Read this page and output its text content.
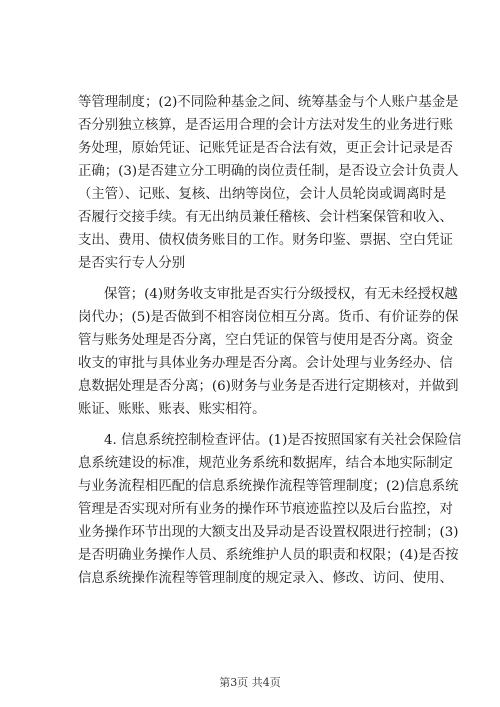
等管理制度；(2)不同险种基金之间、统筹基金与个人账户基金是
否分别独立核算，是否运用合理的会计方法对发生的业务进行账
务处理，原始凭证、记账凭证是否合法有效，更正会计记录是否
正确；(3)是否建立分工明确的岗位责任制，是否设立会计负责人
（主管）、记账、复核、出纳等岗位，会计人员轮岗或调离时是
否履行交接手续。有无出纳员兼任稽核、会计档案保管和收入、
支出、费用、债权债务账目的工作。财务印鉴、票据、空白凭证
是否实行专人分别
保管；(4)财务收支审批是否实行分级授权，有无未经授权越
岗代办；(5)是否做到不相容岗位相互分离。货币、有价证券的保
管与账务处理是否分离，空白凭证的保管与使用是否分离。资金
收支的审批与具体业务办理是否分离。会计处理与业务经办、信
息数据处理是否分离；(6)财务与业务是否进行定期核对，并做到
账证、账账、账表、账实相符。
4. 信息系统控制检查评估。(1)是否按照国家有关社会保险信
息系统建设的标准，规范业务系统和数据库，结合本地实际制定
与业务流程相匹配的信息系统操作流程等管理制度；(2)信息系统
管理是否实现对所有业务的操作环节痕迹监控以及后台监控，对
业务操作环节出现的大额支出及异动是否设置权限进行控制；(3)
是否明确业务操作人员、系统维护人员的职责和权限；(4)是否按
信息系统操作流程等管理制度的规定录入、修改、访问、使用、
第3页 共4页
